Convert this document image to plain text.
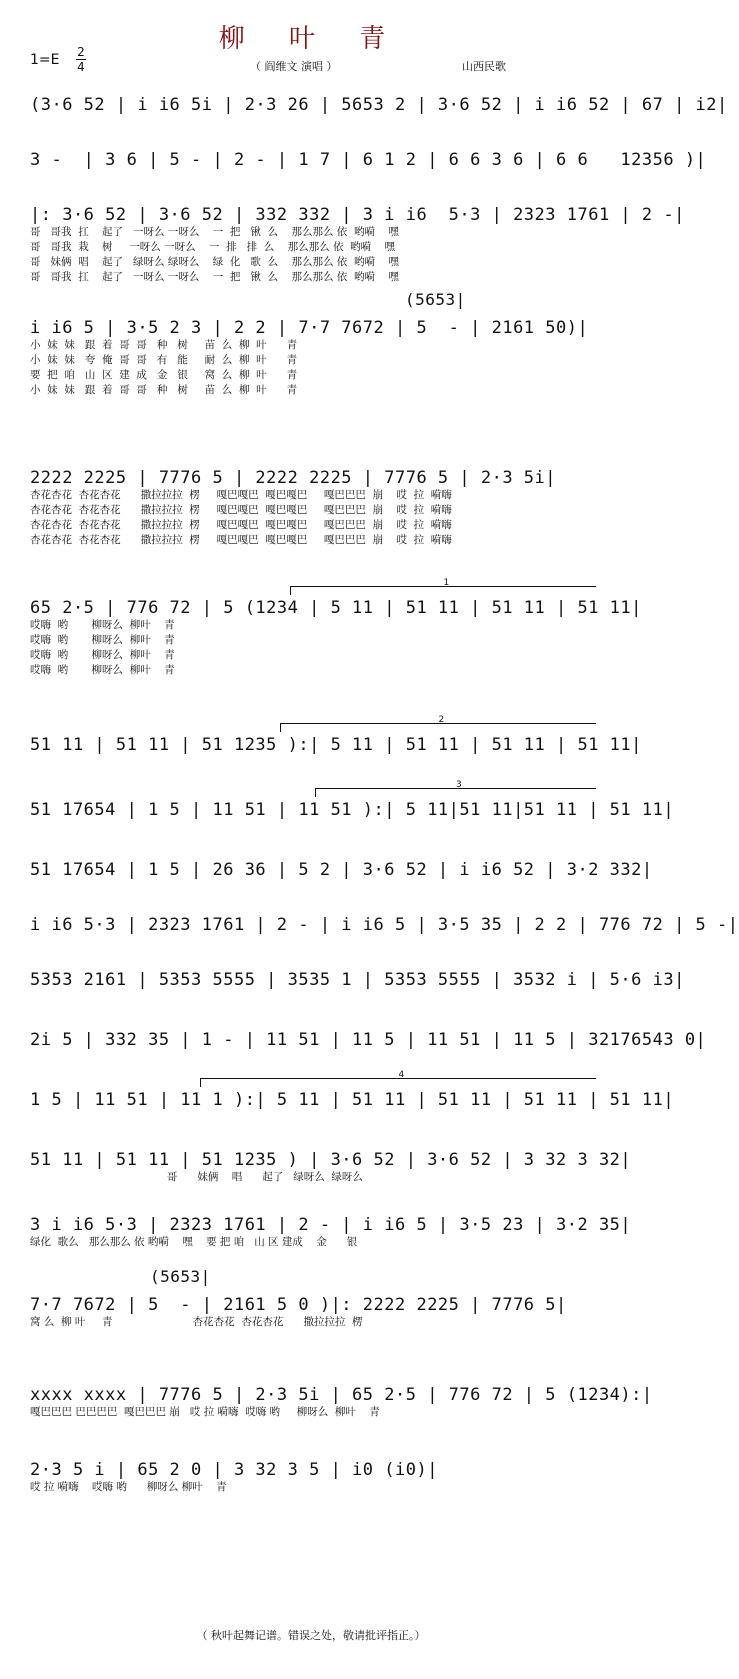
柳 叶 青
1=E 2
4	（ 阎维文 演唱 ）	山西民歌
(3·6 52 | i i6 5i | 2·3 26 | 5653 2 | 3·6 52 | i i6 52 | 67 | i2|
3 -  | 3 6 | 5 - | 2 - | 1 7 | 6 1 2 | 6 6 3 6 | 6 6   12356 )|
|: 3·6 52 | 3·6 52 | 332 332 | 3 i i6  5·3 | 2323 1761 | 2 -|
哥   哥我  扛    起了   一呀么 一呀么    一  把   锹  么    那么那么 依  哟嗬    嘿
哥   哥我  栽    树     一呀么 一呀么    一  排   排  么    那么那么 依  哟嗬    嘿
哥   妹俩  唱    起了   绿呀么 绿呀么    绿  化   歌  么    那么那么 依  哟嗬    嘿
哥   哥我  扛    起了   一呀么 一呀么    一  把   锹  么    那么那么 依  哟嗬    嘿
(5653|
i i6 5 | 3·5 2 3 | 2 2 | 7·7 7672 | 5  - | 2161 50)|
小  妹  妹   跟  着  哥  哥   种   树     苗  么  柳  叶      青
小  妹  妹   夸  俺  哥  哥   有   能     耐  么  柳  叶      青
要  把  咱   山  区  建  成   金   银     窝  么  柳  叶      青
小  妹  妹   跟  着  哥  哥   种   树     苗  么  柳  叶      青
2222 2225 | 7776 5 | 2222 2225 | 7776 5 | 2·3 5i|
杏花杏花  杏花杏花      撒拉拉拉  楞     嘎巴嘎巴  嘎巴嘎巴     嘎巴巴巴  崩    哎  拉  嗬嗨
杏花杏花  杏花杏花      撒拉拉拉  楞     嘎巴嘎巴  嘎巴嘎巴     嘎巴巴巴  崩    哎  拉  嗬嗨
杏花杏花  杏花杏花      撒拉拉拉  楞     嘎巴嘎巴  嘎巴嘎巴     嘎巴巴巴  崩    哎  拉  嗬嗨
杏花杏花  杏花杏花      撒拉拉拉  楞     嘎巴嘎巴  嘎巴嘎巴     嘎巴巴巴  崩    哎  拉  嗬嗨
1
65 2·5 | 776 72 | 5 (1234 | 5 11 | 51 11 | 51 11 | 51 11|
哎嗨  哟       柳呀么  柳叶    青
哎嗨  哟       柳呀么  柳叶    青
哎嗨  哟       柳呀么  柳叶    青
哎嗨  哟       柳呀么  柳叶    青
2
51 11 | 51 11 | 51 1235 ):| 5 11 | 51 11 | 51 11 | 51 11|
3
51 17654 | 1 5 | 11 51 | 11 51 ):| 5 11|51 11|51 11 | 51 11|
51 17654 | 1 5 | 26 36 | 5 2 | 3·6 52 | i i6 52 | 3·2 332|
i i6 5·3 | 2323 1761 | 2 - | i i6 5 | 3·5 35 | 2 2 | 776 72 | 5 -|
5353 2161 | 5353 5555 | 3535 1 | 5353 5555 | 3532 i | 5·6 i3|
2i 5 | 332 35 | 1 - | 11 51 | 11 5 | 11 51 | 11 5 | 32176543 0|
4
1 5 | 11 51 | 11 1 ):| 5 11 | 51 11 | 51 11 | 51 11 | 51 11|
51 11 | 51 11 | 51 1235 ) | 3·6 52 | 3·6 52 | 3 32 3 32|
哥      妹俩    唱      起了   绿呀么  绿呀么
3 i i6 5·3 | 2323 1761 | 2 - | i i6 5 | 3·5 23 | 3·2 35|
绿化  歌么   那么那么 依 哟嗬    嘿    要 把 咱   山 区 建成    金      银
(5653|
7·7 7672 | 5  - | 2161 5 0 )|: 2222 2225 | 7776 5|
窝 么  柳 叶     青                        杏花杏花  杏花杏花      撒拉拉拉  楞
xxxx xxxx | 7776 5 | 2·3 5i | 65 2·5 | 776 72 | 5 (1234):|
嘎巴巴巴 巴巴巴巴  嘎巴巴巴 崩   哎 拉 嗬嗨  哎嗨 哟     柳呀么  柳叶    青
2·3 5 i | 65 2 0 | 3 32 3 5 | i0 (i0)|
哎 拉 嗬嗨    哎嗨 哟      柳呀么 柳叶    青
（ 秋叶起舞记谱。错误之处，敬请批评指正。）
